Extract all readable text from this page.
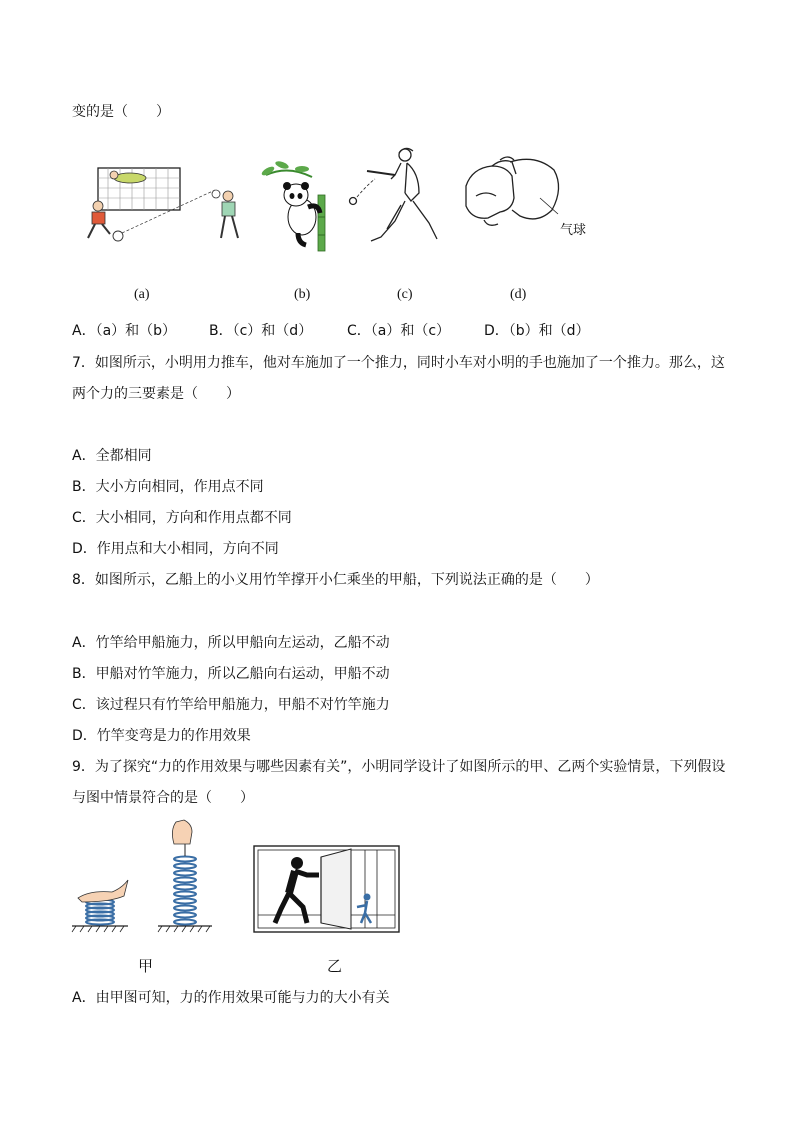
变的是（　　）
气球
(a)	(b)	(c)	(d)
A．（a）和（b） B．（c）和（d） C．（a）和（c） D．（b）和（d）
7．如图所示，小明用力推车，他对车施加了一个推力，同时小车对小明的手也施加了一个推力。那么，这
两个力的三要素是（　　）
A．全都相同
B．大小方向相同，作用点不同
C．大小相同，方向和作用点都不同
D．作用点和大小相同，方向不同
8．如图所示，乙船上的小义用竹竿撑开小仁乘坐的甲船，下列说法正确的是（　　）
A．竹竿给甲船施力，所以甲船向左运动，乙船不动
B．甲船对竹竿施力，所以乙船向右运动，甲船不动
C．该过程只有竹竿给甲船施力，甲船不对竹竿施力
D．竹竿变弯是力的作用效果
9．为了探究“力的作用效果与哪些因素有关”，小明同学设计了如图所示的甲、乙两个实验情景，下列假设
与图中情景符合的是（　　）
甲	乙
A．由甲图可知，力的作用效果可能与力的大小有关
